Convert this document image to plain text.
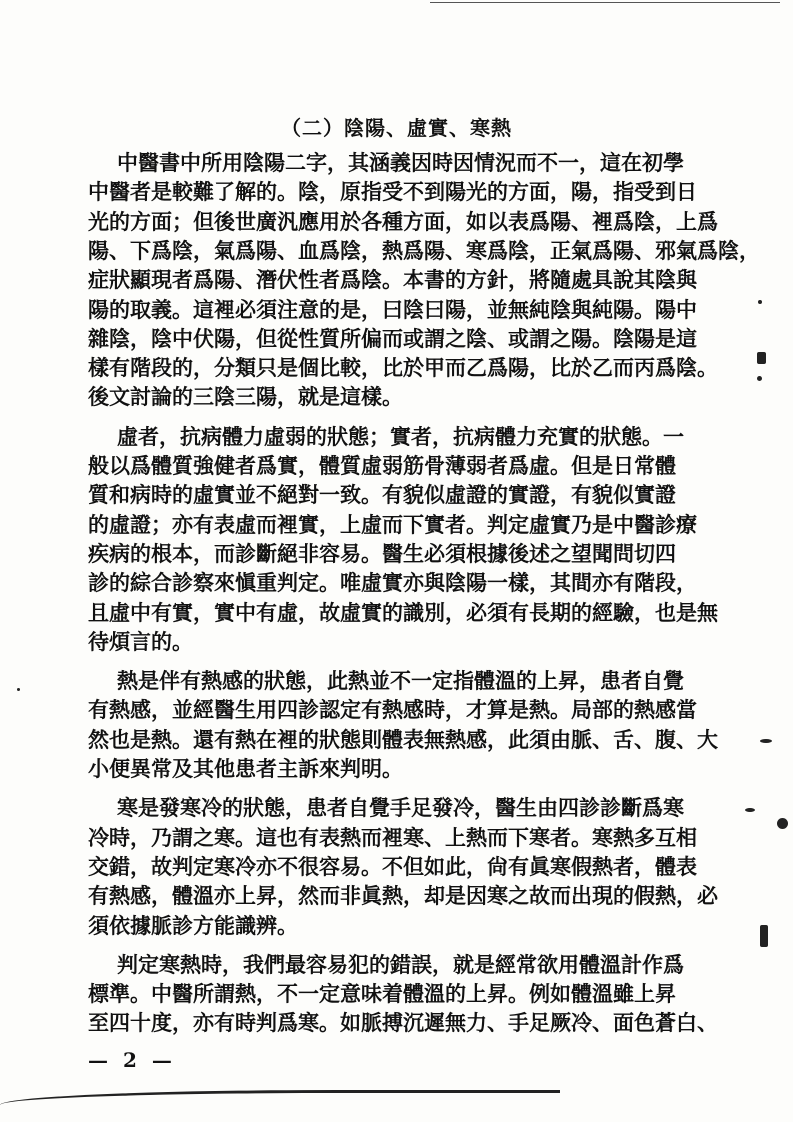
（二）陰陽、虛實、寒熱
中醫書中所用陰陽二字，其涵義因時因情況而不一，這在初學
中醫者是較難了解的。陰，原指受不到陽光的方面，陽，指受到日
光的方面；但後世廣汎應用於各種方面，如以表爲陽、裡爲陰，上爲
陽、下爲陰，氣爲陽、血爲陰，熱爲陽、寒爲陰，正氣爲陽、邪氣爲陰，
症狀顯現者爲陽、潛伏性者爲陰。本書的方針，將隨處具說其陰與
陽的取義。這裡必須注意的是，曰陰曰陽，並無純陰與純陽。陽中
雜陰，陰中伏陽，但從性質所偏而或謂之陰、或謂之陽。陰陽是這
樣有階段的，分類只是個比較，比於甲而乙爲陽，比於乙而丙爲陰。
後文討論的三陰三陽，就是這樣。
虛者，抗病體力虛弱的狀態；實者，抗病體力充實的狀態。一
般以爲體質強健者爲實，體質虛弱筋骨薄弱者爲虛。但是日常體
質和病時的虛實並不絕對一致。有貌似虛證的實證，有貌似實證
的虛證；亦有表虛而裡實，上虛而下實者。判定虛實乃是中醫診療
疾病的根本，而診斷絕非容易。醫生必須根據後述之望聞問切四
診的綜合診察來愼重判定。唯虛實亦與陰陽一樣，其間亦有階段，
且虛中有實，實中有虛，故虛實的識別，必須有長期的經驗，也是無
待煩言的。
熱是伴有熱感的狀態，此熱並不一定指體溫的上昇，患者自覺
有熱感，並經醫生用四診認定有熱感時，才算是熱。局部的熱感當
然也是熱。還有熱在裡的狀態則體表無熱感，此須由脈、舌、腹、大
小便異常及其他患者主訴來判明。
寒是發寒冷的狀態，患者自覺手足發冷，醫生由四診診斷爲寒
冷時，乃謂之寒。這也有表熱而裡寒、上熱而下寒者。寒熱多互相
交錯，故判定寒冷亦不很容易。不但如此，尙有眞寒假熱者，體表
有熱感，體溫亦上昇，然而非眞熱，却是因寒之故而出現的假熱，必
須依據脈診方能識辨。
判定寒熱時，我們最容易犯的錯誤，就是經常欲用體溫計作爲
標準。中醫所謂熱，不一定意味着體溫的上昇。例如體溫雖上昇
至四十度，亦有時判爲寒。如脈搏沉遲無力、手足厥冷、面色蒼白、
— 2 —
